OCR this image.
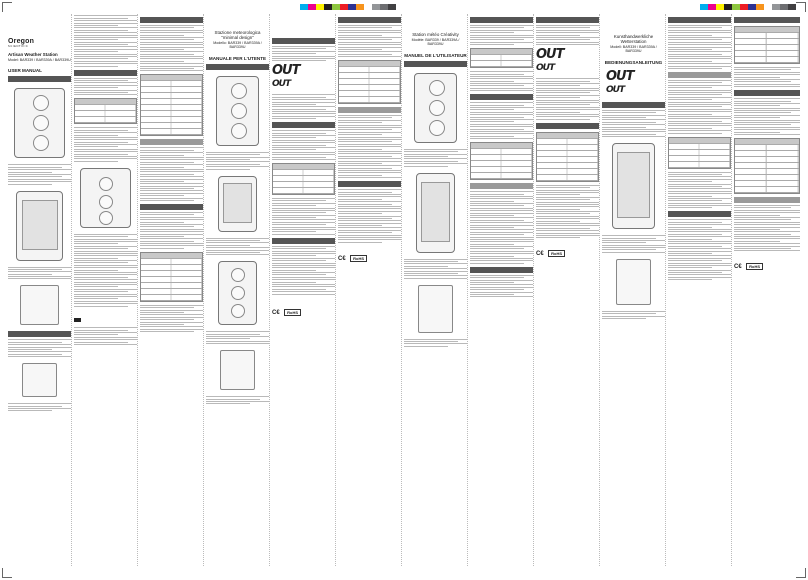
Oregon
SCIENTIFIC
Artisan Weather Station
Model: BAR339 / BAR339A / BAR339U
USER MANUAL

Stazione meteorologica "minimal design"
Modello: BAR339 / BAR339A / BAR339U
MANUALE PER L'UTENTE

OUT
OUT

C€ RoHS

C€ RoHS
Station météo Créativity
Modèle: BAR339 / BAR339A / BAR339U
MANUEL DE L'UTILISATEUR

	OUT
OUT

C€ RoHS
Kunsthandwerkliche Wetterstation
Modell: BAR339 / BAR339A / BAR339U
BEDIENUNGSANLEITUNG
OUT
OUT

C€ RoHS
